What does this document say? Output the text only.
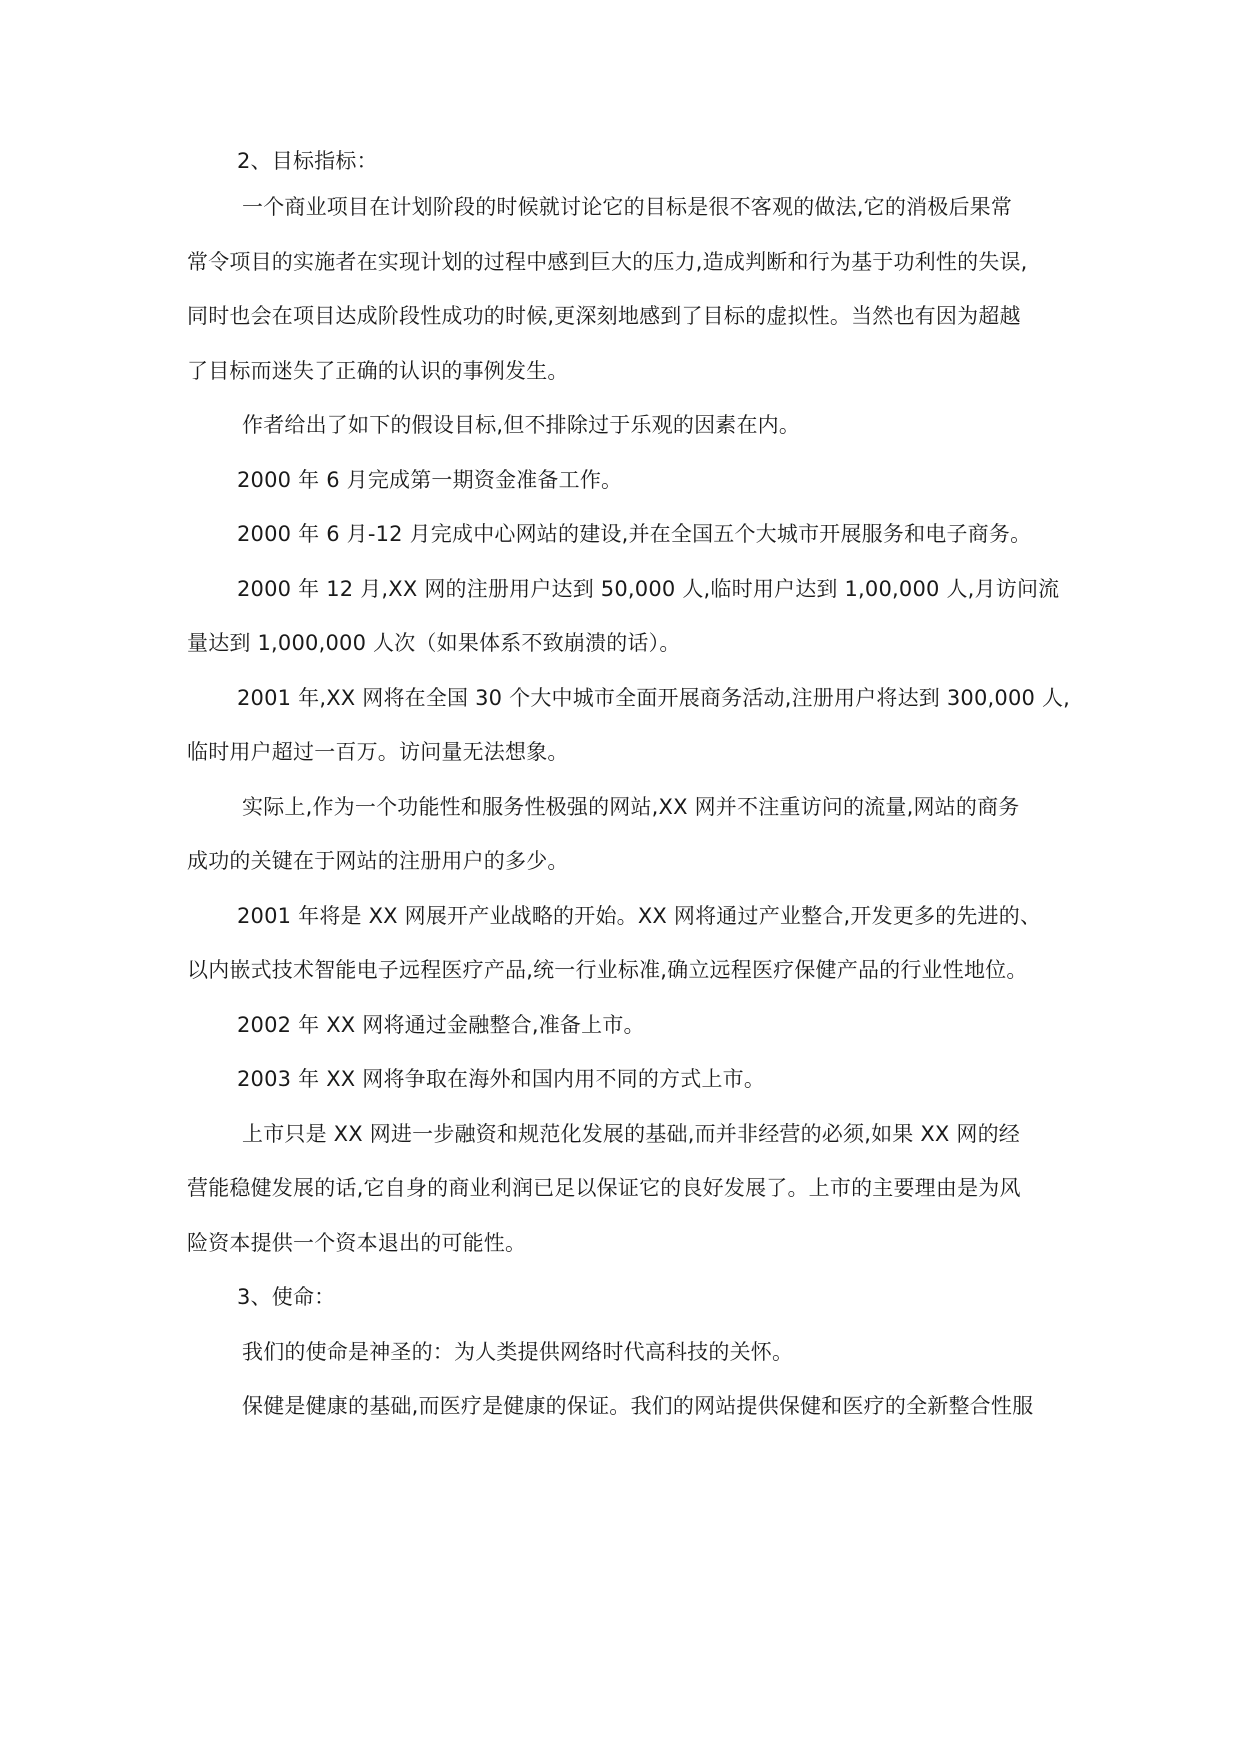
2、目标指标：
一个商业项目在计划阶段的时候就讨论它的目标是很不客观的做法,它的消极后果常
常令项目的实施者在实现计划的过程中感到巨大的压力,造成判断和行为基于功利性的失误,
同时也会在项目达成阶段性成功的时候,更深刻地感到了目标的虚拟性。当然也有因为超越
了目标而迷失了正确的认识的事例发生。
作者给出了如下的假设目标,但不排除过于乐观的因素在内。
2000 年 6 月完成第一期资金准备工作。
2000 年 6 月-12 月完成中心网站的建设,并在全国五个大城市开展服务和电子商务。
2000 年 12 月,XX 网的注册用户达到 50,000 人,临时用户达到 1,00,000 人,月访问流
量达到 1,000,000 人次（如果体系不致崩溃的话）。
2001 年,XX 网将在全国 30 个大中城市全面开展商务活动,注册用户将达到 300,000 人,
临时用户超过一百万。访问量无法想象。
实际上,作为一个功能性和服务性极强的网站,XX 网并不注重访问的流量,网站的商务
成功的关键在于网站的注册用户的多少。
2001 年将是 XX 网展开产业战略的开始。XX 网将通过产业整合,开发更多的先进的、
以内嵌式技术智能电子远程医疗产品,统一行业标准,确立远程医疗保健产品的行业性地位。
2002 年 XX 网将通过金融整合,准备上市。
2003 年 XX 网将争取在海外和国内用不同的方式上市。
上市只是 XX 网进一步融资和规范化发展的基础,而并非经营的必须,如果 XX 网的经
营能稳健发展的话,它自身的商业利润已足以保证它的良好发展了。上市的主要理由是为风
险资本提供一个资本退出的可能性。
3、使命：
我们的使命是神圣的：为人类提供网络时代高科技的关怀。
保健是健康的基础,而医疗是健康的保证。我们的网站提供保健和医疗的全新整合性服
